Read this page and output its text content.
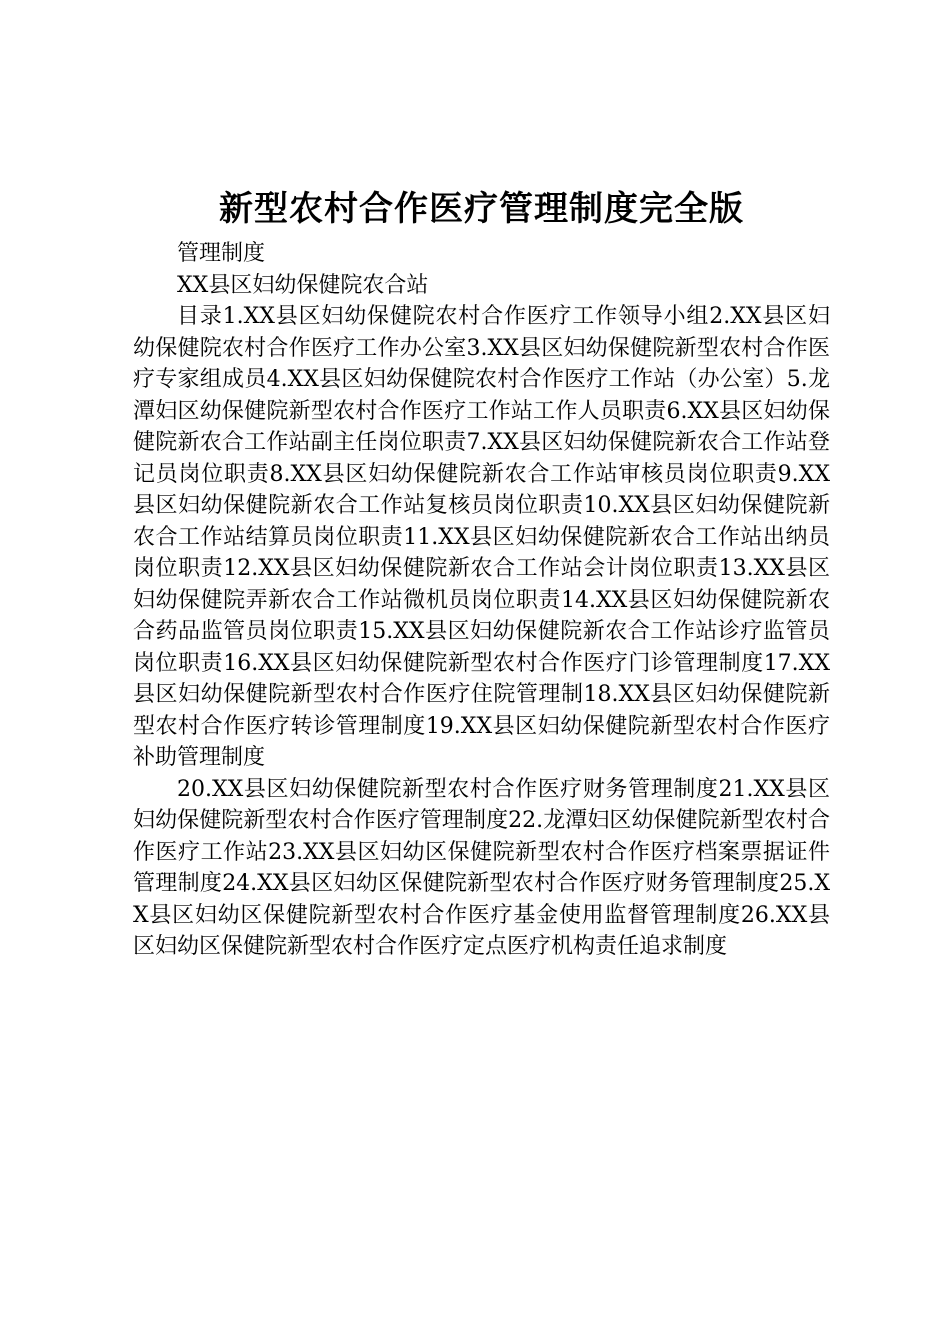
新型农村合作医疗管理制度完全版

管理制度

XX县区妇幼保健院农合站

目录1.XX县区妇幼保健院农村合作医疗工作领导小组2.XX县区妇幼保健院农村合作医疗工作办公室3.XX县区妇幼保健院新型农村合作医疗专家组成员4.XX县区妇幼保健院农村合作医疗工作站（办公室）5.龙潭妇区幼保健院新型农村合作医疗工作站工作人员职责6.XX县区妇幼保健院新农合工作站副主任岗位职责7.XX县区妇幼保健院新农合工作站登记员岗位职责8.XX县区妇幼保健院新农合工作站审核员岗位职责9.XX县区妇幼保健院新农合工作站复核员岗位职责10.XX县区妇幼保健院新农合工作站结算员岗位职责11.XX县区妇幼保健院新农合工作站出纳员岗位职责12.XX县区妇幼保健院新农合工作站会计岗位职责13.XX县区妇幼保健院弄新农合工作站微机员岗位职责14.XX县区妇幼保健院新农合药品监管员岗位职责15.XX县区妇幼保健院新农合工作站诊疗监管员岗位职责16.XX县区妇幼保健院新型农村合作医疗门诊管理制度17.XX县区妇幼保健院新型农村合作医疗住院管理制18.XX县区妇幼保健院新型农村合作医疗转诊管理制度19.XX县区妇幼保健院新型农村合作医疗补助管理制度

20.XX县区妇幼保健院新型农村合作医疗财务管理制度21.XX县区妇幼保健院新型农村合作医疗管理制度22.龙潭妇区幼保健院新型农村合作医疗工作站23.XX县区妇幼区保健院新型农村合作医疗档案票据证件管理制度24.XX县区妇幼区保健院新型农村合作医疗财务管理制度25.XX县区妇幼区保健院新型农村合作医疗基金使用监督管理制度26.XX县区妇幼区保健院新型农村合作医疗定点医疗机构责任追求制度
